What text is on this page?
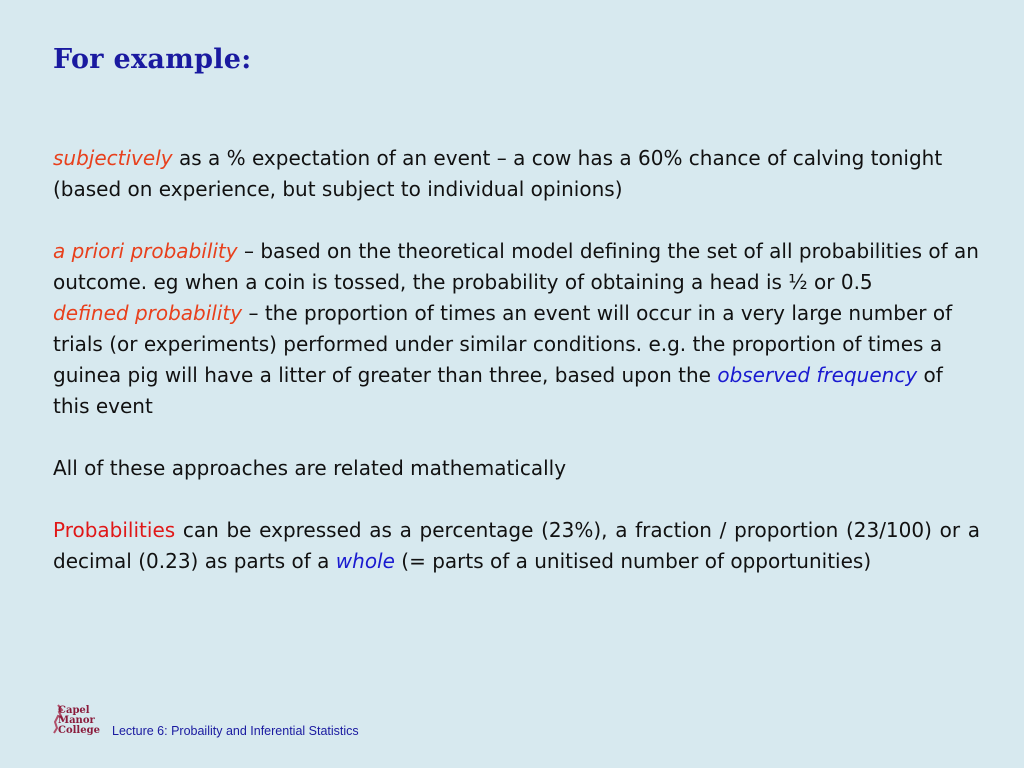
For example:

subjectively as a % expectation of an event – a cow has a 60% chance of calving tonight (based on experience, but subject to individual opinions)

a priori probability – based on the theoretical model defining the set of all probabilities of an outcome. eg when a coin is tossed, the probability of obtaining a head is ½ or 0.5

defined probability – the proportion of times an event will occur in a very large number of trials (or experiments) performed under similar conditions. e.g. the proportion of times a guinea pig will have a litter of greater than three, based upon the observed frequency of this event

All of these approaches are related mathematically

Probabilities can be expressed as a percentage (23%), a fraction / proportion (23/100) or a decimal (0.23) as parts of a whole (= parts of a unitised number of opportunities)

Capel
Manor
College Lecture 6: Probaility and Inferential Statistics
